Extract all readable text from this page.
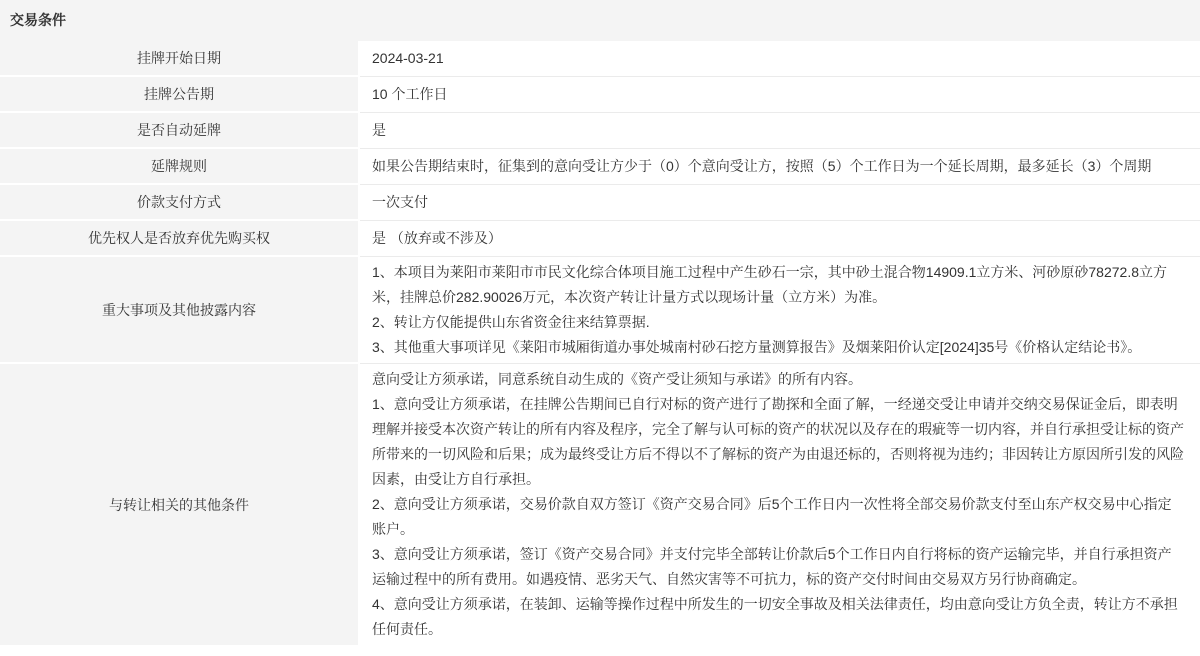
交易条件
挂牌开始日期	2024-03-21

挂牌公告期	10 个工作日

是否自动延牌	是

延牌规则	如果公告期结束时，征集到的意向受让方少于（0）个意向受让方，按照（5）个工作日为一个延长周期，最多延长（3）个周期

价款支付方式	一次支付

优先权人是否放弃优先购买权	是 （放弃或不涉及）

重大事项及其他披露内容	1、本项目为莱阳市莱阳市市民文化综合体项目施工过程中产生砂石一宗，其中砂土混合物14909.1立方米、河砂原砂78272.8立方米，挂牌总价282.90026万元，本次资产转让计量方式以现场计量（立方米）为准。
2、转让方仅能提供山东省资金往来结算票据.
3、其他重大事项详见《莱阳市城厢街道办事处城南村砂石挖方量测算报告》及烟莱阳价认定[2024]35号《价格认定结论书》。

与转让相关的其他条件	意向受让方须承诺，同意系统自动生成的《资产受让须知与承诺》的所有内容。
1、意向受让方须承诺，在挂牌公告期间已自行对标的资产进行了勘探和全面了解，一经递交受让申请并交纳交易保证金后，即表明理解并接受本次资产转让的所有内容及程序，完全了解与认可标的资产的状况以及存在的瑕疵等一切内容，并自行承担受让标的资产所带来的一切风险和后果；成为最终受让方后不得以不了解标的资产为由退还标的，否则将视为违约；非因转让方原因所引发的风险因素，由受让方自行承担。
2、意向受让方须承诺，交易价款自双方签订《资产交易合同》后5个工作日内一次性将全部交易价款支付至山东产权交易中心指定账户。
3、意向受让方须承诺，签订《资产交易合同》并支付完毕全部转让价款后5个工作日内自行将标的资产运输完毕，并自行承担资产运输过程中的所有费用。如遇疫情、恶劣天气、自然灾害等不可抗力，标的资产交付时间由交易双方另行协商确定。
4、意向受让方须承诺，在装卸、运输等操作过程中所发生的一切安全事故及相关法律责任，均由意向受让方负全责，转让方不承担任何责任。
